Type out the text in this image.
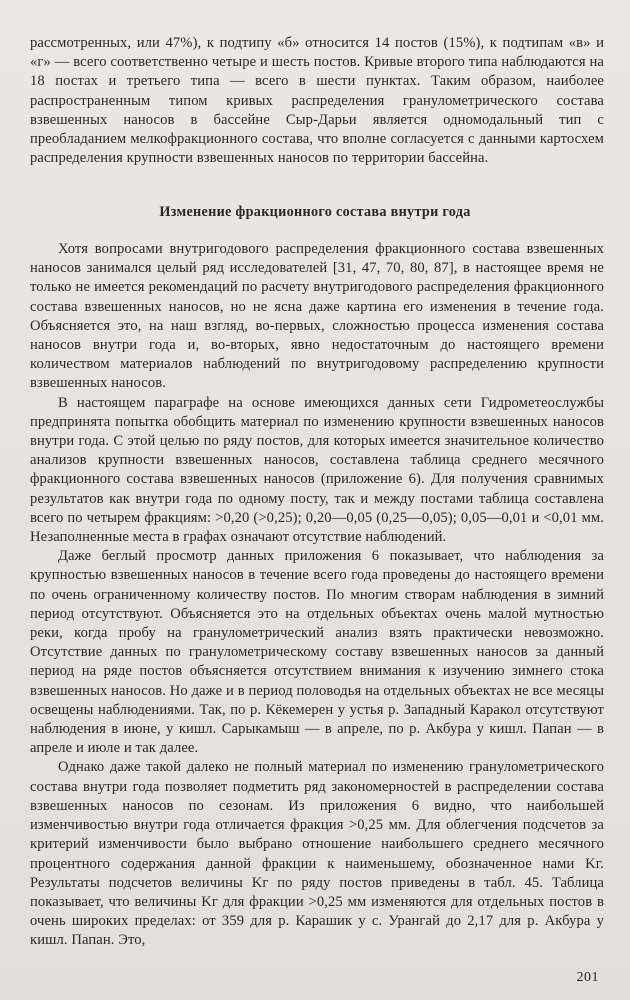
рассмотренных, или 47%), к подтипу «б» относится 14 постов (15%), к подтипам «в» и «г» — всего соответственно четыре и шесть постов. Кривые второго типа наблюдаются на 18 постах и третьего типа — всего в шести пунктах. Таким образом, наиболее распространенным типом кривых распределения гранулометрического состава взвешенных наносов в бассейне Сыр-Дарьи является одномодальный тип с преобладанием мелкофракционного состава, что вполне согласуется с данными картосхем распределения крупности взвешенных наносов по территории бассейна.

Изменение фракционного состава внутри года

Хотя вопросами внутригодового распределения фракционного состава взвешенных наносов занимался целый ряд исследователей [31, 47, 70, 80, 87], в настоящее время не только не имеется рекомендаций по расчету внутригодового распределения фракционного состава взвешенных наносов, но не ясна даже картина его изменения в течение года. Объясняется это, на наш взгляд, во-первых, сложностью процесса изменения состава наносов внутри года и, во-вторых, явно недостаточным до настоящего времени количеством материалов наблюдений по внутригодовому распределению крупности взвешенных наносов.

В настоящем параграфе на основе имеющихся данных сети Гидрометеослужбы предпринята попытка обобщить материал по изменению крупности взвешенных наносов внутри года. С этой целью по ряду постов, для которых имеется значительное количество анализов крупности взвешенных наносов, составлена таблица среднего месячного фракционного состава взвешенных наносов (приложение 6). Для получения сравнимых результатов как внутри года по одному посту, так и между постами таблица составлена всего по четырем фракциям: >0,20 (>0,25); 0,20—0,05 (0,25—0,05); 0,05—0,01 и <0,01 мм. Незаполненные места в графах означают отсутствие наблюдений.

Даже беглый просмотр данных приложения 6 показывает, что наблюдения за крупностью взвешенных наносов в течение всего года проведены до настоящего времени по очень ограниченному количеству постов. По многим створам наблюдения в зимний период отсутствуют. Объясняется это на отдельных объектах очень малой мутностью реки, когда пробу на гранулометрический анализ взять практически невозможно. Отсутствие данных по гранулометрическому составу взвешенных наносов за данный период на ряде постов объясняется отсутствием внимания к изучению зимнего стока взвешенных наносов. Но даже и в период половодья на отдельных объектах не все месяцы освещены наблюдениями. Так, по р. Кёкемерен у устья р. Западный Каракол отсутствуют наблюдения в июне, у кишл. Сарыкамыш — в апреле, по р. Акбура у кишл. Папан — в апреле и июле и так далее.

Однако даже такой далеко не полный материал по изменению гранулометрического состава внутри года позволяет подметить ряд закономерностей в распределении состава взвешенных наносов по сезонам. Из приложения 6 видно, что наибольшей изменчивостью внутри года отличается фракция >0,25 мм. Для облегчения подсчетов за критерий изменчивости было выбрано отношение наибольшего среднего месячного процентного содержания данной фракции к наименьшему, обозначенное нами Kг. Результаты подсчетов величины Kг по ряду постов приведены в табл. 45. Таблица показывает, что величины Kг для фракции >0,25 мм изменяются для отдельных постов в очень широких пределах: от 359 для р. Карашик у с. Урангай до 2,17 для р. Акбура у кишл. Папан. Это,

201
